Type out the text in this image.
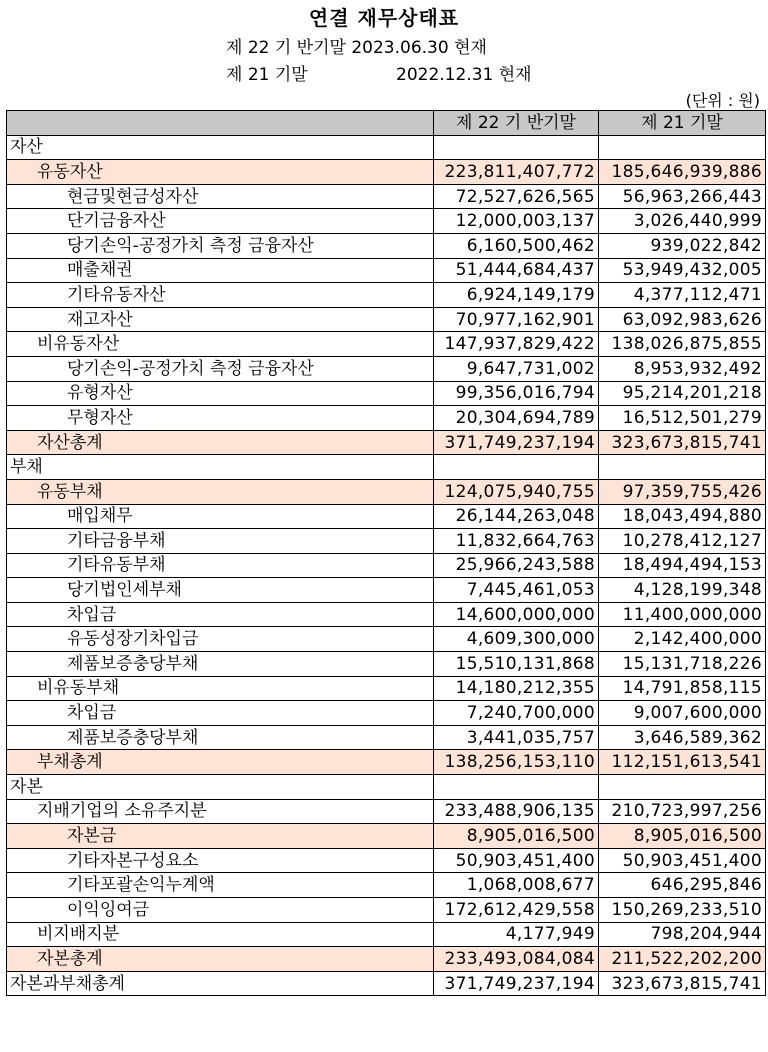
연결 재무상태표
제 22 기 반기말 2023.06.30 현재
제 21 기말	2022.12.31 현재
(단위 : 원)
	제 22 기 반기말	제 21 기말
자산		
유동자산	223,811,407,772	185,646,939,886
현금및현금성자산	72,527,626,565	56,963,266,443
단기금융자산	12,000,003,137	3,026,440,999
당기손익-공정가치 측정 금융자산	6,160,500,462	939,022,842
매출채권	51,444,684,437	53,949,432,005
기타유동자산	6,924,149,179	4,377,112,471
재고자산	70,977,162,901	63,092,983,626
비유동자산	147,937,829,422	138,026,875,855
당기손익-공정가치 측정 금융자산	9,647,731,002	8,953,932,492
유형자산	99,356,016,794	95,214,201,218
무형자산	20,304,694,789	16,512,501,279
자산총계	371,749,237,194	323,673,815,741
부채		
유동부채	124,075,940,755	97,359,755,426
매입채무	26,144,263,048	18,043,494,880
기타금융부채	11,832,664,763	10,278,412,127
기타유동부채	25,966,243,588	18,494,494,153
당기법인세부채	7,445,461,053	4,128,199,348
차입금	14,600,000,000	11,400,000,000
유동성장기차입금	4,609,300,000	2,142,400,000
제품보증충당부채	15,510,131,868	15,131,718,226
비유동부채	14,180,212,355	14,791,858,115
차입금	7,240,700,000	9,007,600,000
제품보증충당부채	3,441,035,757	3,646,589,362
부채총계	138,256,153,110	112,151,613,541
자본		
지배기업의 소유주지분	233,488,906,135	210,723,997,256
자본금	8,905,016,500	8,905,016,500
기타자본구성요소	50,903,451,400	50,903,451,400
기타포괄손익누계액	1,068,008,677	646,295,846
이익잉여금	172,612,429,558	150,269,233,510
비지배지분	4,177,949	798,204,944
자본총계	233,493,084,084	211,522,202,200
자본과부채총계	371,749,237,194	323,673,815,741
